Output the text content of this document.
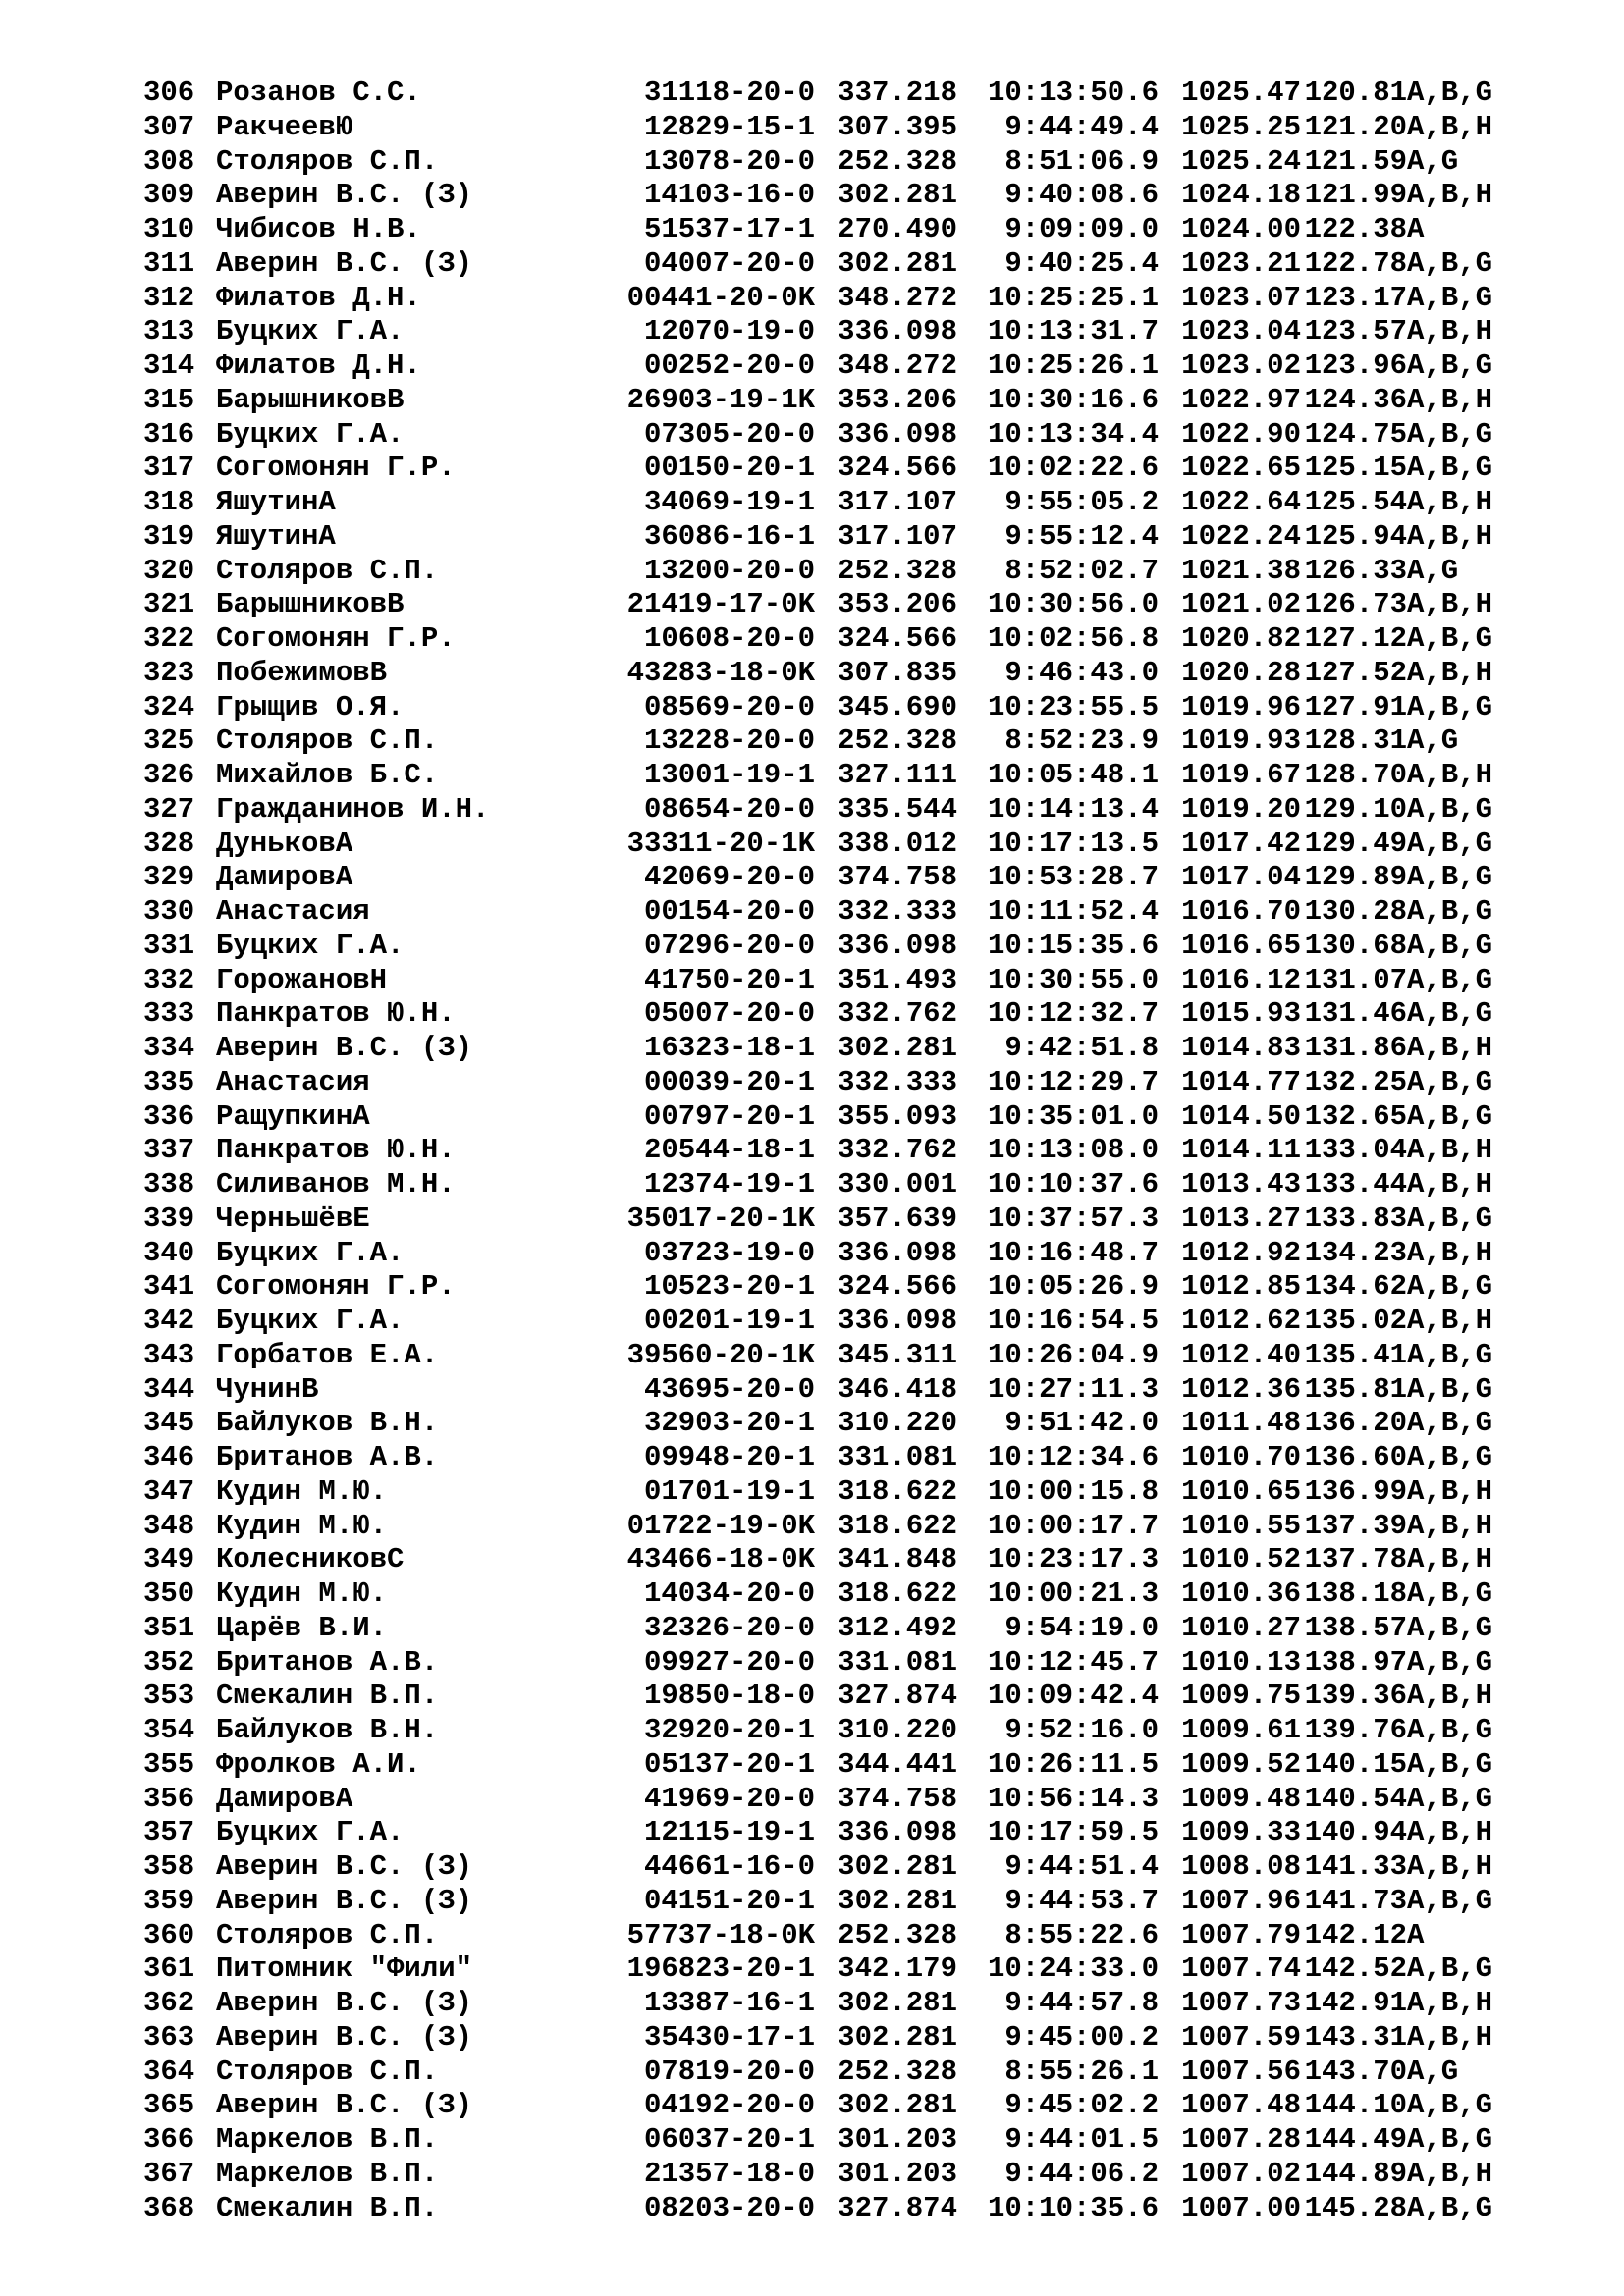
306 Розанов С.С.	31118-20-0 337.218 10:13:50.6 1025.47 120.81A,B,G
307 РакчеевЮ	12829-15-1 307.395 9:44:49.4 1025.25 121.20A,B,H
308 Столяров С.П.	13078-20-0 252.328 8:51:06.9 1025.24 121.59A,G
309 Аверин В.С. (З)	14103-16-0 302.281 9:40:08.6 1024.18 121.99A,B,H
310 Чибисов Н.В.	51537-17-1 270.490 9:09:09.0 1024.00 122.38A
311 Аверин В.С. (З)	04007-20-0 302.281 9:40:25.4 1023.21 122.78A,B,G
312 Филатов Д.Н.	00441-20-0K 348.272 10:25:25.1 1023.07 123.17A,B,G
313 Буцких Г.А.	12070-19-0 336.098 10:13:31.7 1023.04 123.57A,B,H
314 Филатов Д.Н.	00252-20-0 348.272 10:25:26.1 1023.02 123.96A,B,G
315 БарышниковВ	26903-19-1K 353.206 10:30:16.6 1022.97 124.36A,B,H
316 Буцких Г.А.	07305-20-0 336.098 10:13:34.4 1022.90 124.75A,B,G
317 Согомонян Г.Р.	00150-20-1 324.566 10:02:22.6 1022.65 125.15A,B,G
318 ЯшутинА	34069-19-1 317.107 9:55:05.2 1022.64 125.54A,B,H
319 ЯшутинА	36086-16-1 317.107 9:55:12.4 1022.24 125.94A,B,H
320 Столяров С.П.	13200-20-0 252.328 8:52:02.7 1021.38 126.33A,G
321 БарышниковВ	21419-17-0K 353.206 10:30:56.0 1021.02 126.73A,B,H
322 Согомонян Г.Р.	10608-20-0 324.566 10:02:56.8 1020.82 127.12A,B,G
323 ПобежимовВ	43283-18-0K 307.835 9:46:43.0 1020.28 127.52A,B,H
324 Грыщив О.Я.	08569-20-0 345.690 10:23:55.5 1019.96 127.91A,B,G
325 Столяров С.П.	13228-20-0 252.328 8:52:23.9 1019.93 128.31A,G
326 Михайлов Б.С.	13001-19-1 327.111 10:05:48.1 1019.67 128.70A,B,H
327 Гражданинов И.Н.	08654-20-0 335.544 10:14:13.4 1019.20 129.10A,B,G
328 ДуньковА	33311-20-1K 338.012 10:17:13.5 1017.42 129.49A,B,G
329 ДамировА	42069-20-0 374.758 10:53:28.7 1017.04 129.89A,B,G
330 Анастасия	00154-20-0 332.333 10:11:52.4 1016.70 130.28A,B,G
331 Буцких Г.А.	07296-20-0 336.098 10:15:35.6 1016.65 130.68A,B,G
332 ГорожановН	41750-20-1 351.493 10:30:55.0 1016.12 131.07A,B,G
333 Панкратов Ю.Н.	05007-20-0 332.762 10:12:32.7 1015.93 131.46A,B,G
334 Аверин В.С. (З)	16323-18-1 302.281 9:42:51.8 1014.83 131.86A,B,H
335 Анастасия	00039-20-1 332.333 10:12:29.7 1014.77 132.25A,B,G
336 РащупкинА	00797-20-1 355.093 10:35:01.0 1014.50 132.65A,B,G
337 Панкратов Ю.Н.	20544-18-1 332.762 10:13:08.0 1014.11 133.04A,B,H
338 Силиванов М.Н.	12374-19-1 330.001 10:10:37.6 1013.43 133.44A,B,H
339 ЧерньшёвЕ	35017-20-1K 357.639 10:37:57.3 1013.27 133.83A,B,G
340 Буцких Г.А.	03723-19-0 336.098 10:16:48.7 1012.92 134.23A,B,H
341 Согомонян Г.Р.	10523-20-1 324.566 10:05:26.9 1012.85 134.62A,B,G
342 Буцких Г.А.	00201-19-1 336.098 10:16:54.5 1012.62 135.02A,B,H
343 Горбатов Е.А.	39560-20-1K 345.311 10:26:04.9 1012.40 135.41A,B,G
344 ЧунинВ	43695-20-0 346.418 10:27:11.3 1012.36 135.81A,B,G
345 Байлуков В.Н.	32903-20-1 310.220 9:51:42.0 1011.48 136.20A,B,G
346 Британов А.В.	09948-20-1 331.081 10:12:34.6 1010.70 136.60A,B,G
347 Кудин М.Ю.	01701-19-1 318.622 10:00:15.8 1010.65 136.99A,B,H
348 Кудин М.Ю.	01722-19-0K 318.622 10:00:17.7 1010.55 137.39A,B,H
349 КолесниковС	43466-18-0K 341.848 10:23:17.3 1010.52 137.78A,B,H
350 Кудин М.Ю.	14034-20-0 318.622 10:00:21.3 1010.36 138.18A,B,G
351 Царёв В.И.	32326-20-0 312.492 9:54:19.0 1010.27 138.57A,B,G
352 Британов А.В.	09927-20-0 331.081 10:12:45.7 1010.13 138.97A,B,G
353 Смекалин В.П.	19850-18-0 327.874 10:09:42.4 1009.75 139.36A,B,H
354 Байлуков В.Н.	32920-20-1 310.220 9:52:16.0 1009.61 139.76A,B,G
355 Фролков А.И.	05137-20-1 344.441 10:26:11.5 1009.52 140.15A,B,G
356 ДамировА	41969-20-0 374.758 10:56:14.3 1009.48 140.54A,B,G
357 Буцких Г.А.	12115-19-1 336.098 10:17:59.5 1009.33 140.94A,B,H
358 Аверин В.С. (З)	44661-16-0 302.281 9:44:51.4 1008.08 141.33A,B,H
359 Аверин В.С. (З)	04151-20-1 302.281 9:44:53.7 1007.96 141.73A,B,G
360 Столяров С.П.	57737-18-0K 252.328 8:55:22.6 1007.79 142.12A
361 Питомник "Фили"	196823-20-1 342.179 10:24:33.0 1007.74 142.52A,B,G
362 Аверин В.С. (З)	13387-16-1 302.281 9:44:57.8 1007.73 142.91A,B,H
363 Аверин В.С. (З)	35430-17-1 302.281 9:45:00.2 1007.59 143.31A,B,H
364 Столяров С.П.	07819-20-0 252.328 8:55:26.1 1007.56 143.70A,G
365 Аверин В.С. (З)	04192-20-0 302.281 9:45:02.2 1007.48 144.10A,B,G
366 Маркелов В.П.	06037-20-1 301.203 9:44:01.5 1007.28 144.49A,B,G
367 Маркелов В.П.	21357-18-0 301.203 9:44:06.2 1007.02 144.89A,B,H
368 Смекалин В.П.	08203-20-0 327.874 10:10:35.6 1007.00 145.28A,B,G
